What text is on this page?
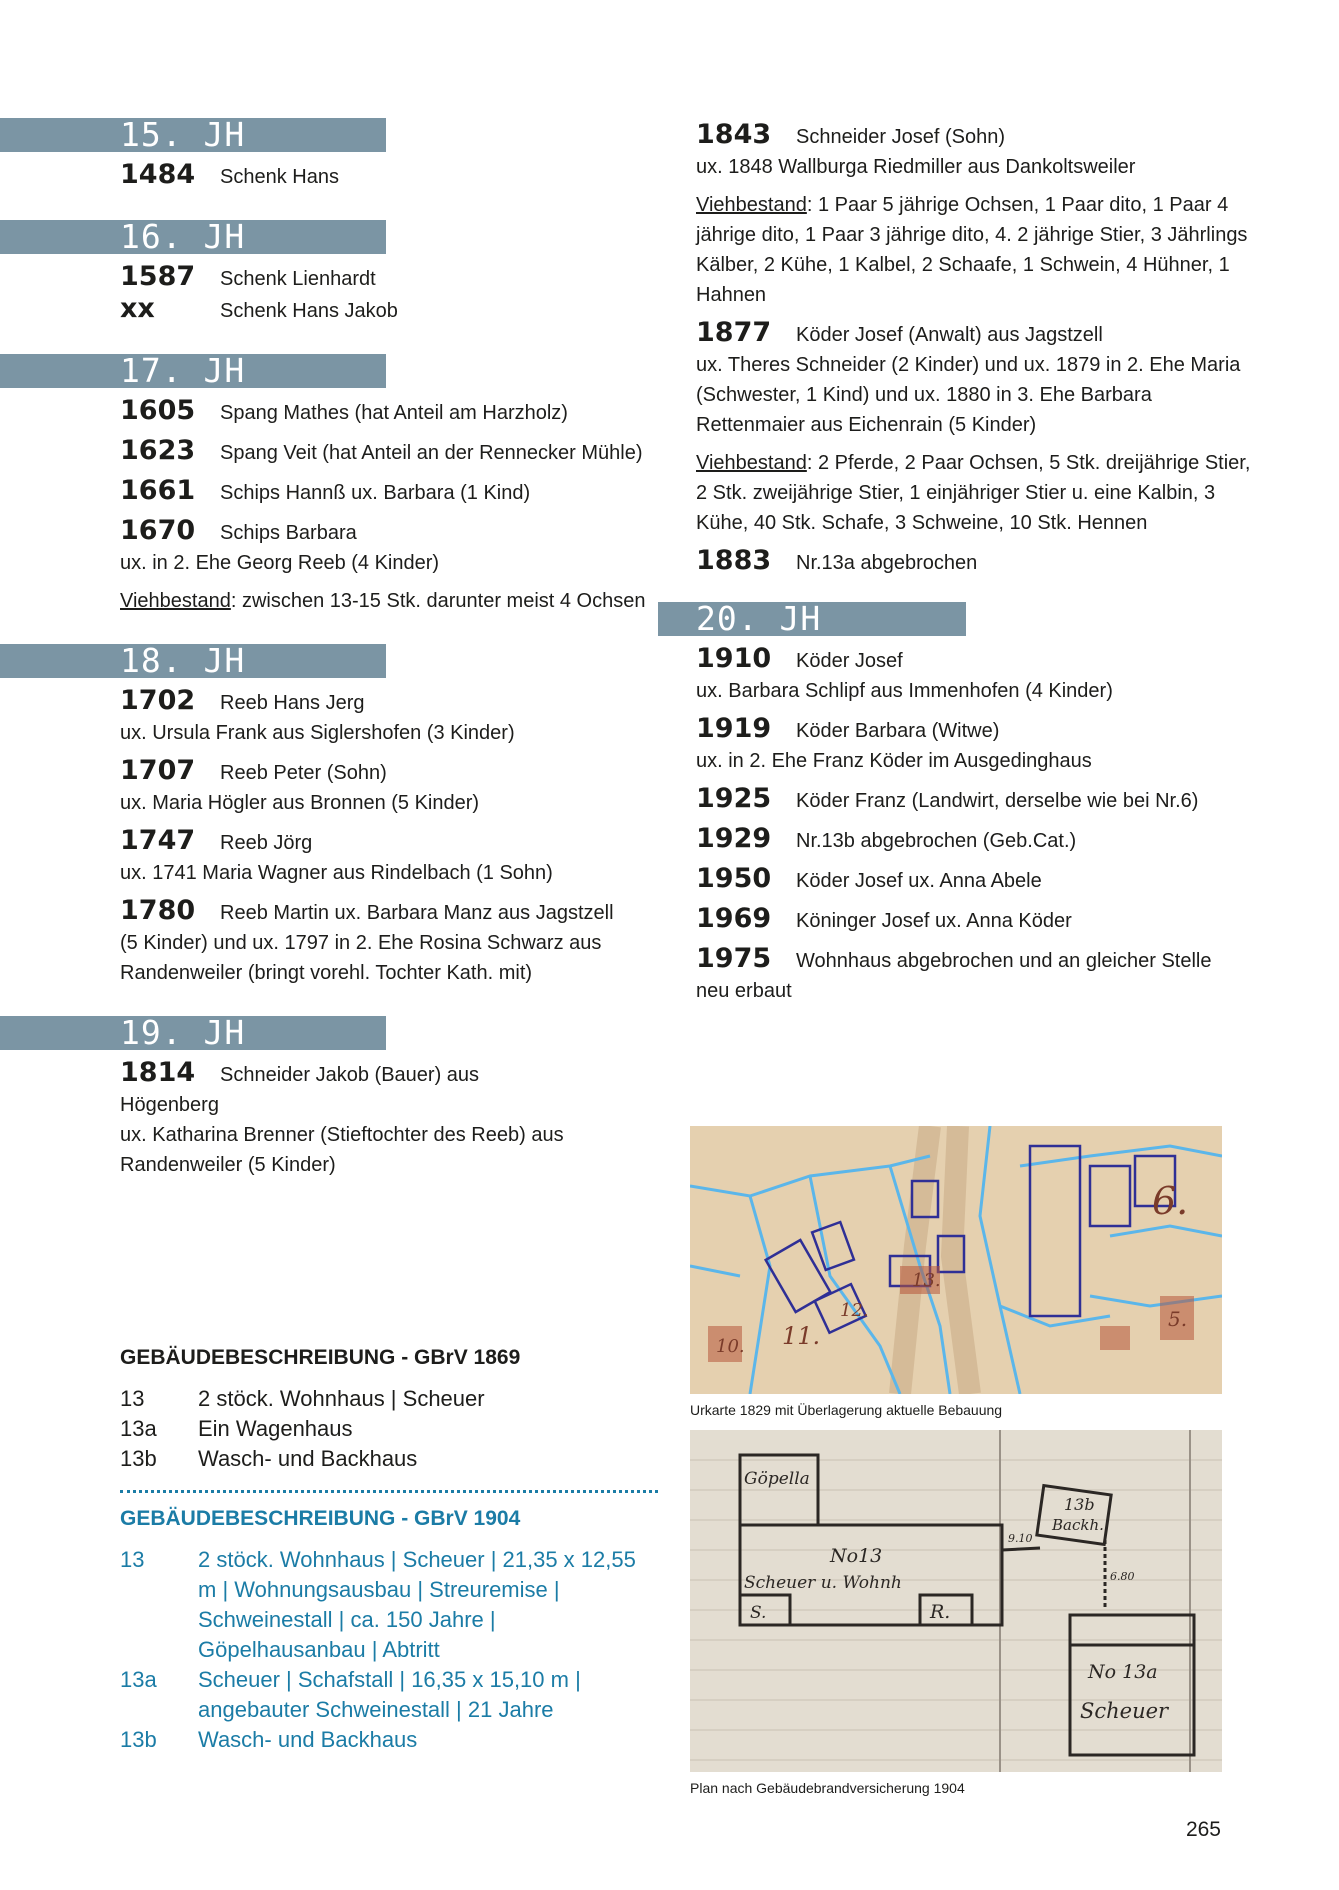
15. JH
1484 Schenk Hans
16. JH
1587 Schenk Lienhardt
xx	Schenk Hans Jakob
17. JH
1605 Spang Mathes (hat Anteil am Harzholz)
1623 Spang Veit (hat Anteil an der Rennecker Mühle)
1661 Schips Hannß ux. Barbara (1 Kind)
1670 Schips Barbara
ux. in 2. Ehe Georg Reeb (4 Kinder)
Viehbestand: zwischen 13-15 Stk. darunter meist 4 Ochsen
18. JH
1702 Reeb Hans Jerg
ux. Ursula Frank aus Siglershofen (3 Kinder)
1707 Reeb Peter (Sohn)
ux. Maria Högler aus Bronnen (5 Kinder)
1747 Reeb Jörg
ux. 1741 Maria Wagner aus Rindelbach (1 Sohn)
1780 Reeb Martin ux. Barbara Manz aus Jagstzell
(5 Kinder) und ux. 1797 in 2. Ehe Rosina Schwarz aus Randenweiler (bringt vorehl. Tochter Kath. mit)
19. JH
1814 Schneider Jakob (Bauer) aus Högenberg
ux. Katharina Brenner (Stieftochter des Reeb) aus Randenweiler (5 Kinder)
GEBÄUDEBESCHREIBUNG - GBrV 1869
13	2 stöck. Wohnhaus | Scheuer
13a	Ein Wagenhaus
13b	Wasch- und Backhaus
GEBÄUDEBESCHREIBUNG - GBrV 1904
13	2 stöck. Wohnhaus | Scheuer | 21,35 x 12,55 m | Wohnungsausbau | Streuremise | Schweinestall | ca. 150 Jahre | Göpelhausanbau | Abtritt
13a	Scheuer | Schafstall | 16,35 x 15,10 m | angebauter Schweinestall | 21 Jahre
13b	Wasch- und Backhaus
1843 Schneider Josef (Sohn)
ux. 1848 Wallburga Riedmiller aus Dankoltsweiler
Viehbestand: 1 Paar 5 jährige Ochsen, 1 Paar dito, 1 Paar 4 jährige dito, 1 Paar 3 jährige dito, 4. 2 jährige Stier, 3 Jährlings Kälber, 2 Kühe, 1 Kalbel, 2 Schaafe, 1 Schwein, 4 Hühner, 1 Hahnen
1877 Köder Josef (Anwalt) aus Jagstzell
ux. Theres Schneider (2 Kinder) und ux. 1879 in 2. Ehe Maria (Schwester, 1 Kind) und ux. 1880 in 3. Ehe Barbara Rettenmaier aus Eichenrain (5 Kinder)
Viehbestand: 2 Pferde, 2 Paar Ochsen, 5 Stk. dreijährige Stier, 2 Stk. zweijährige Stier, 1 einjähriger Stier u. eine Kalbin, 3 Kühe, 40 Stk. Schafe, 3 Schweine, 10 Stk. Hennen
1883 Nr.13a abgebrochen
20. JH
1910 Köder Josef
ux. Barbara Schlipf aus Immenhofen (4 Kinder)
1919 Köder Barbara (Witwe)
ux. in 2. Ehe Franz Köder im Ausgedinghaus
1925 Köder Franz (Landwirt, derselbe wie bei Nr.6)
1929 Nr.13b abgebrochen (Geb.Cat.)
1950 Köder Josef ux. Anna Abele
1969 Köninger Josef ux. Anna Köder
1975 Wohnhaus abgebrochen und an gleicher Stelle
neu erbaut
6.
13.
12.
11.
10.
5.
Urkarte 1829 mit Überlagerung aktuelle Bebauung
Göpella
No13
Scheuer u. Wohnh
R.
S.
13b
Backh.
9.10
6.80
No 13a
Scheuer
Plan nach Gebäudebrandversicherung 1904
265
